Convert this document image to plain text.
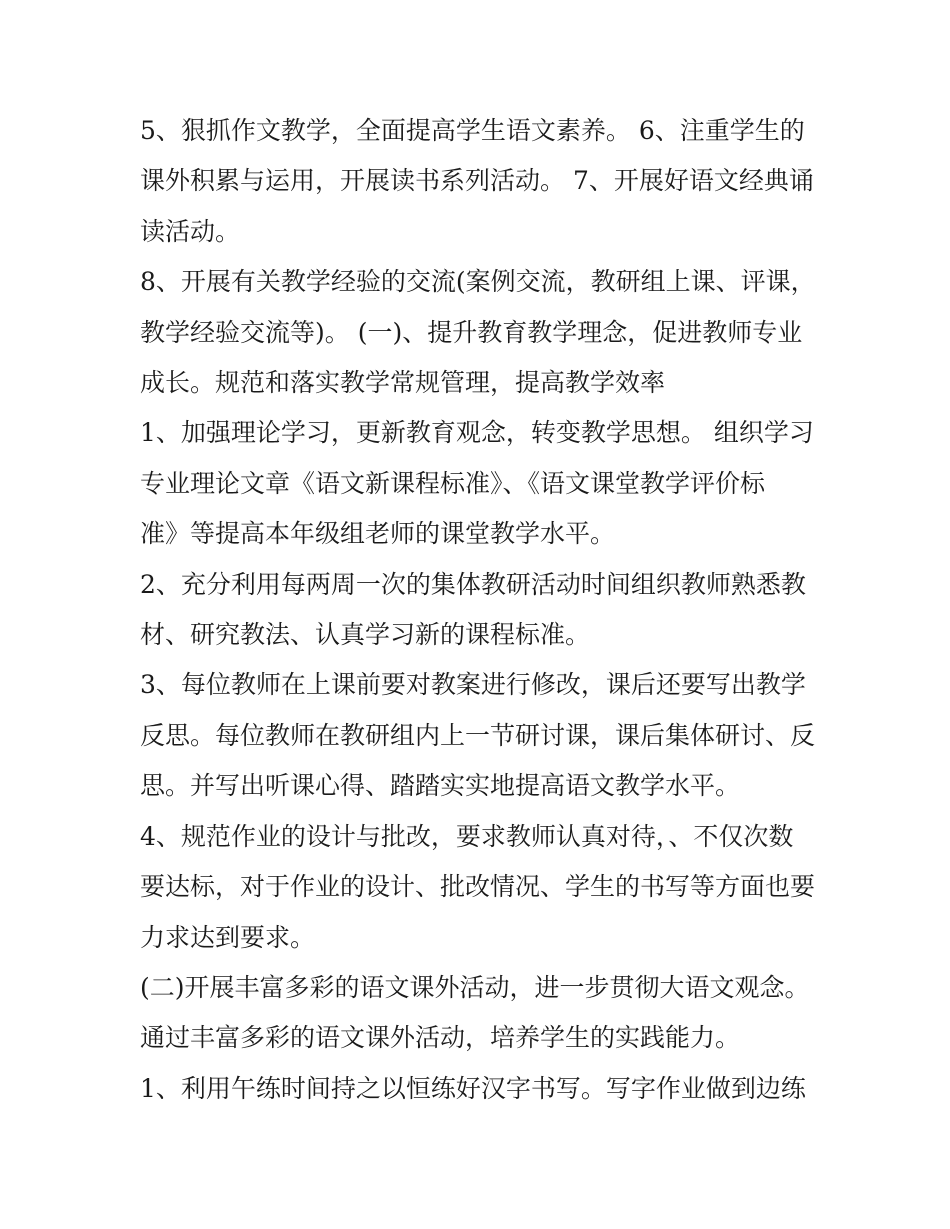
5、狠抓作文教学，全面提高学生语文素养。 6、注重学生的
课外积累与运用，开展读书系列活动。 7、开展好语文经典诵
读活动。

8、开展有关教学经验的交流(案例交流，教研组上课、评课，
教学经验交流等)。 (一)、提升教育教学理念，促进教师专业
成长。规范和落实教学常规管理，提高教学效率

1、加强理论学习，更新教育观念，转变教学思想。 组织学习
专业理论文章《语文新课程标准》、《语文课堂教学评价标
准》等提高本年级组老师的课堂教学水平。

2、充分利用每两周一次的集体教研活动时间组织教师熟悉教
材、研究教法、认真学习新的课程标准。

3、每位教师在上课前要对教案进行修改，课后还要写出教学
反思。每位教师在教研组内上一节研讨课，课后集体研讨、反
思。并写出听课心得、踏踏实实地提高语文教学水平。

4、规范作业的设计与批改，要求教师认真对待，、不仅次数
要达标，对于作业的设计、批改情况、学生的书写等方面也要
力求达到要求。

(二)开展丰富多彩的语文课外活动，进一步贯彻大语文观念。
通过丰富多彩的语文课外活动，培养学生的实践能力。

1、利用午练时间持之以恒练好汉字书写。写字作业做到边练
